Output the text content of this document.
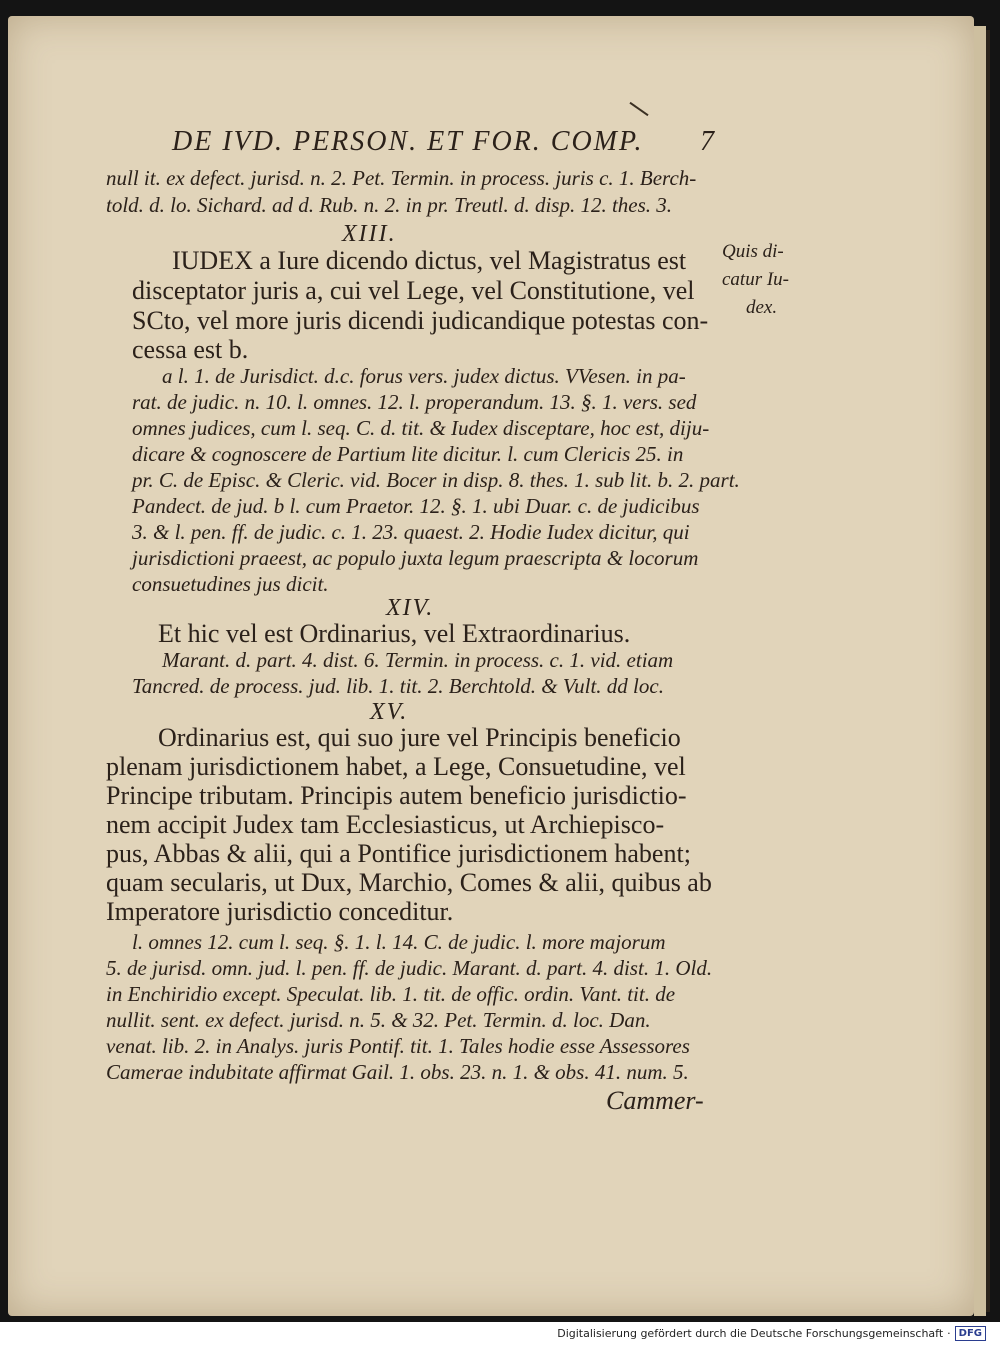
DE IVD. PERSON. ET FOR. COMP. 7
null it. ex defect. jurisd. n. 2. Pet. Termin. in process. juris c. 1. Berch-
told. d. lo. Sichard. ad d. Rub. n. 2. in pr. Treutl. d. disp. 12. thes. 3.
XIII.
IUDEX a Iure dicendo dictus, vel Magistratus est
disceptator juris a, cui vel Lege, vel Constitutione, vel
SCto, vel more juris dicendi judicandique potestas con-
cessa est b.
Quis di-
catur Iu-
dex.
a l. 1. de Jurisdict. d.c. forus vers. judex dictus. VVesen. in pa-
rat. de judic. n. 10. l. omnes. 12. l. properandum. 13. §. 1. vers. sed
omnes judices, cum l. seq. C. d. tit. & Iudex disceptare, hoc est, diju-
dicare & cognoscere de Partium lite dicitur. l. cum Clericis 25. in
pr. C. de Episc. & Cleric. vid. Bocer in disp. 8. thes. 1. sub lit. b. 2. part.
Pandect. de jud. b l. cum Praetor. 12. §. 1. ubi Duar. c. de judicibus
3. & l. pen. ff. de judic. c. 1. 23. quaest. 2. Hodie Iudex dicitur, qui
jurisdictioni praeest, ac populo juxta legum praescripta & locorum
consuetudines jus dicit.
XIV.
Et hic vel est Ordinarius, vel Extraordinarius.
Marant. d. part. 4. dist. 6. Termin. in process. c. 1. vid. etiam
Tancred. de process. jud. lib. 1. tit. 2. Berchtold. & Vult. dd loc.
XV.
Ordinarius est, qui suo jure vel Principis beneficio
plenam jurisdictionem habet, a Lege, Consuetudine, vel
Principe tributam. Principis autem beneficio jurisdictio-
nem accipit Judex tam Ecclesiasticus, ut Archiepisco-
pus, Abbas & alii, qui a Pontifice jurisdictionem habent;
quam secularis, ut Dux, Marchio, Comes & alii, quibus ab
Imperatore jurisdictio conceditur.
l. omnes 12. cum l. seq. §. 1. l. 14. C. de judic. l. more majorum
5. de jurisd. omn. jud. l. pen. ff. de judic. Marant. d. part. 4. dist. 1. Old.
in Enchiridio except. Speculat. lib. 1. tit. de offic. ordin. Vant. tit. de
nullit. sent. ex defect. jurisd. n. 5. & 32. Pet. Termin. d. loc. Dan.
venat. lib. 2. in Analys. juris Pontif. tit. 1. Tales hodie esse Assessores
Camerae indubitate affirmat Gail. 1. obs. 23. n. 1. & obs. 41. num. 5.
Cammer-
Digitalisierung gefördert durch die Deutsche Forschungsgemeinschaft · DFG
